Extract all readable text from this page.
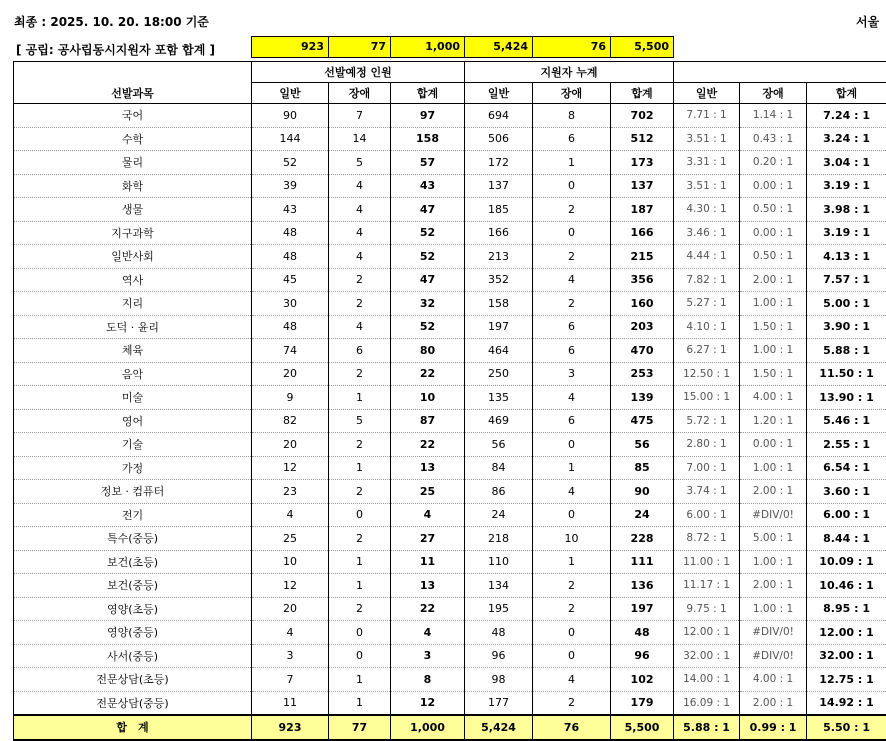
최종 : 2025. 10. 20. 18:00 기준	서울
[ 공립: 공사립동시지원자 포함 합계 ]	923	77	1,000	5,424	76	5,500
	선발예정 인원			지원자 누계					
선발과목	일반	장애	합계	일반	장애	합계	일반	장애	합계
국어	90	7	97	694	8	702	7.71 : 1	1.14 : 1	7.24 : 1
수학	144	14	158	506	6	512	3.51 : 1	0.43 : 1	3.24 : 1
물리	52	5	57	172	1	173	3.31 : 1	0.20 : 1	3.04 : 1
화학	39	4	43	137	0	137	3.51 : 1	0.00 : 1	3.19 : 1
생물	43	4	47	185	2	187	4.30 : 1	0.50 : 1	3.98 : 1
지구과학	48	4	52	166	0	166	3.46 : 1	0.00 : 1	3.19 : 1
일반사회	48	4	52	213	2	215	4.44 : 1	0.50 : 1	4.13 : 1
역사	45	2	47	352	4	356	7.82 : 1	2.00 : 1	7.57 : 1
지리	30	2	32	158	2	160	5.27 : 1	1.00 : 1	5.00 : 1
도덕 · 윤리	48	4	52	197	6	203	4.10 : 1	1.50 : 1	3.90 : 1
체육	74	6	80	464	6	470	6.27 : 1	1.00 : 1	5.88 : 1
음악	20	2	22	250	3	253	12.50 : 1	1.50 : 1	11.50 : 1
미술	9	1	10	135	4	139	15.00 : 1	4.00 : 1	13.90 : 1
영어	82	5	87	469	6	475	5.72 : 1	1.20 : 1	5.46 : 1
기술	20	2	22	56	0	56	2.80 : 1	0.00 : 1	2.55 : 1
가정	12	1	13	84	1	85	7.00 : 1	1.00 : 1	6.54 : 1
정보 · 컴퓨터	23	2	25	86	4	90	3.74 : 1	2.00 : 1	3.60 : 1
전기	4	0	4	24	0	24	6.00 : 1	#DIV/0!	6.00 : 1
특수(중등)	25	2	27	218	10	228	8.72 : 1	5.00 : 1	8.44 : 1
보건(초등)	10	1	11	110	1	111	11.00 : 1	1.00 : 1	10.09 : 1
보건(중등)	12	1	13	134	2	136	11.17 : 1	2.00 : 1	10.46 : 1
영양(초등)	20	2	22	195	2	197	9.75 : 1	1.00 : 1	8.95 : 1
영양(중등)	4	0	4	48	0	48	12.00 : 1	#DIV/0!	12.00 : 1
사서(중등)	3	0	3	96	0	96	32.00 : 1	#DIV/0!	32.00 : 1
전문상담(초등)	7	1	8	98	4	102	14.00 : 1	4.00 : 1	12.75 : 1
전문상담(중등)	11	1	12	177	2	179	16.09 : 1	2.00 : 1	14.92 : 1
합　계	923	77	1,000	5,424	76	5,500	5.88 : 1	0.99 : 1	5.50 : 1
